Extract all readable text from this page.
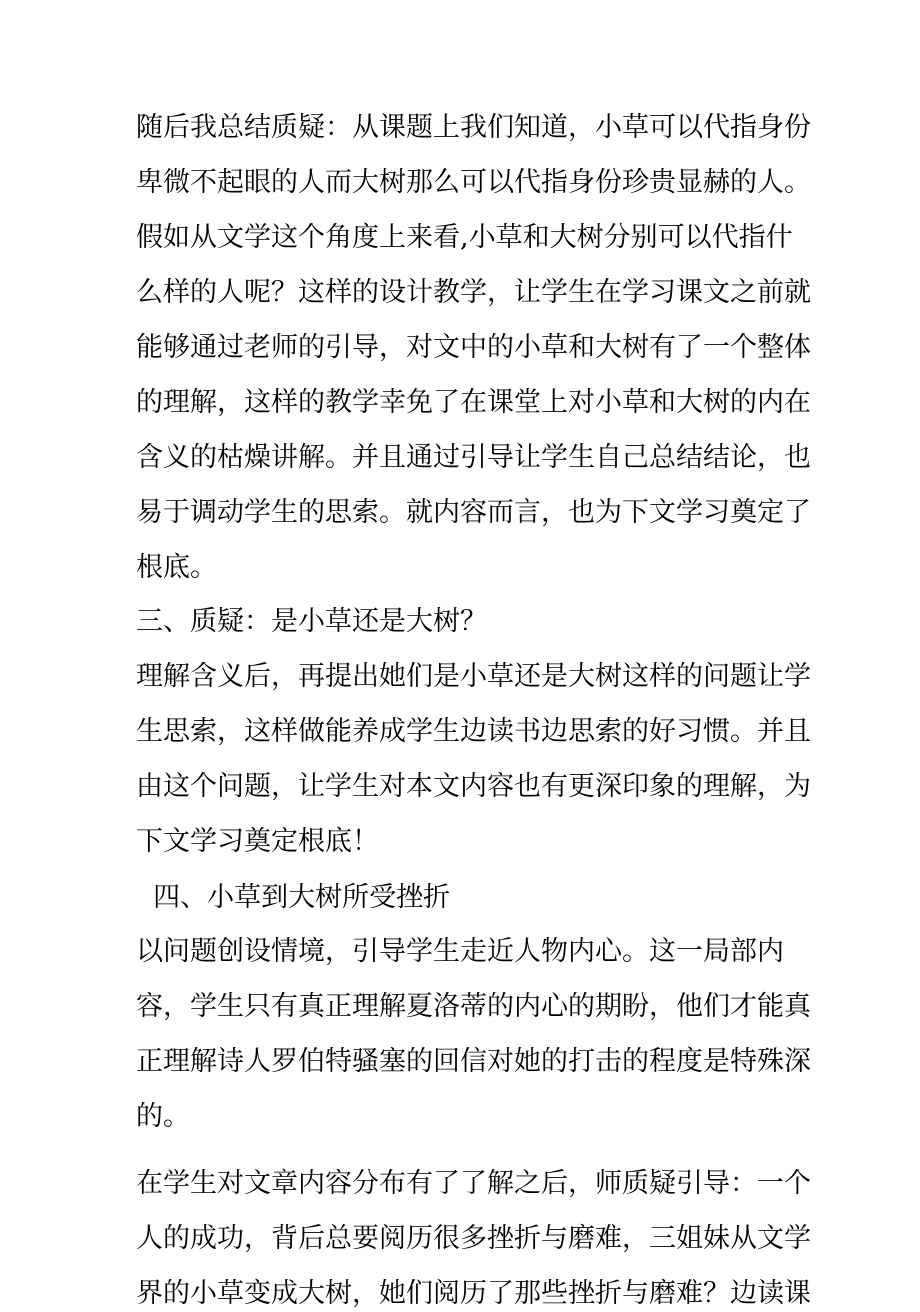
随后我总结质疑：从课题上我们知道，小草可以代指身份

卑微不起眼的人而大树那么可以代指身份珍贵显赫的人。

假如从文学这个角度上来看,小草和大树分别可以代指什

么样的人呢？这样的设计教学，让学生在学习课文之前就

能够通过老师的引导，对文中的小草和大树有了一个整体

的理解，这样的教学幸免了在课堂上对小草和大树的内在

含义的枯燥讲解。并且通过引导让学生自己总结结论，也

易于调动学生的思索。就内容而言，也为下文学习奠定了

根底。

三、质疑：是小草还是大树？

理解含义后，再提出她们是小草还是大树这样的问题让学

生思索，这样做能养成学生边读书边思索的好习惯。并且

由这个问题，让学生对本文内容也有更深印象的理解，为

下文学习奠定根底！

四、小草到大树所受挫折

以问题创设情境，引导学生走近人物内心。这一局部内

容，学生只有真正理解夏洛蒂的内心的期盼，他们才能真

正理解诗人罗伯特骚塞的回信对她的打击的程度是特殊深

的。

在学生对文章内容分布有了了解之后，师质疑引导：一个

人的成功，背后总要阅历很多挫折与磨难，三姐妹从文学

界的小草变成大树，她们阅历了那些挫折与磨难？边读课
